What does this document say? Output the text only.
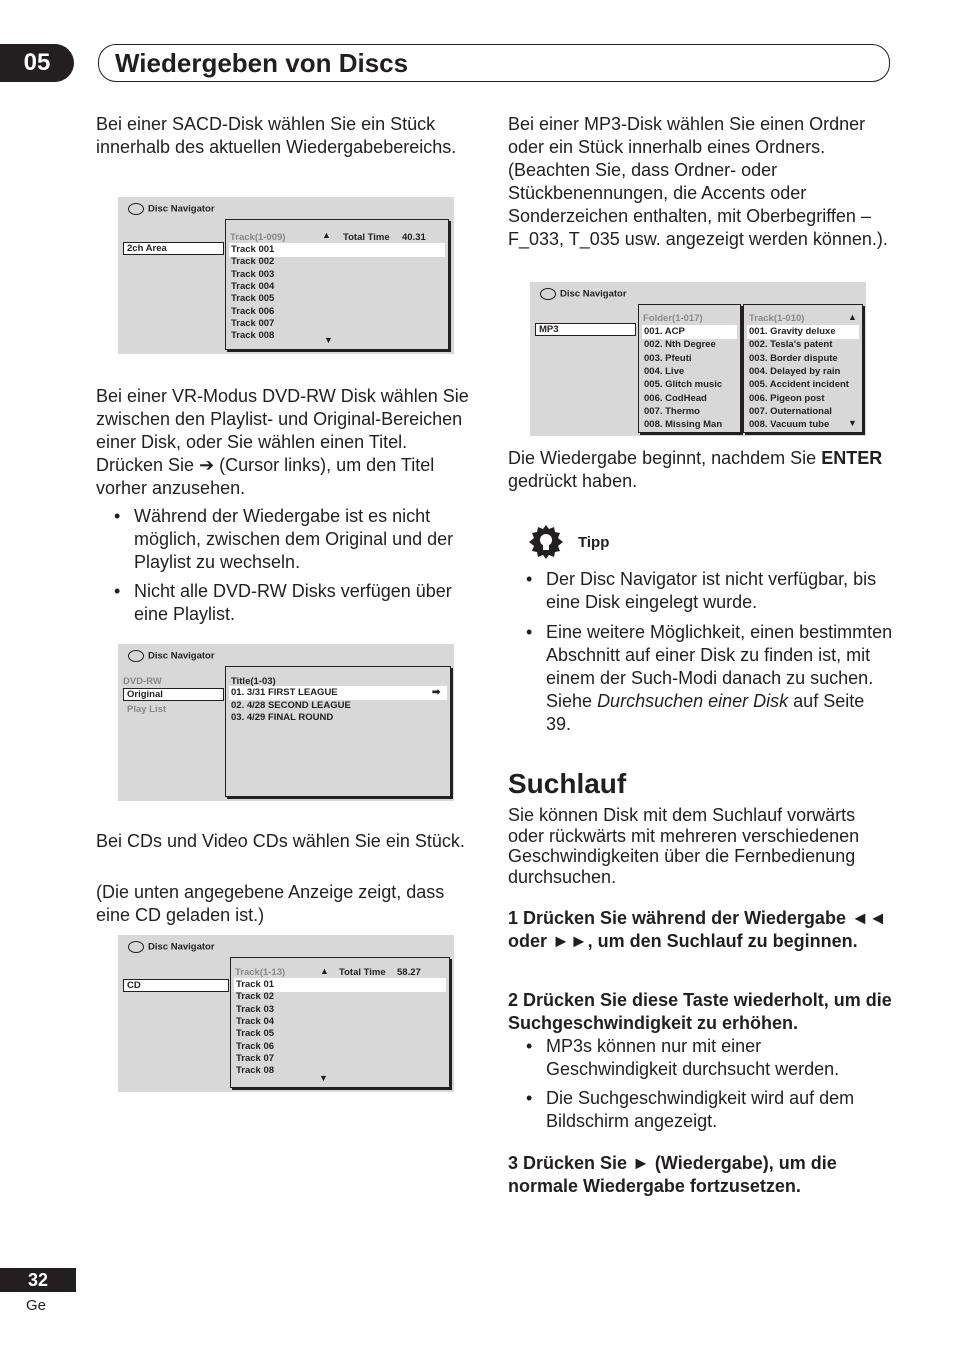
05	Wiedergeben von Discs
Bei einer SACD-Disk wählen Sie ein Stück innerhalb des aktuellen Wiedergabebereichs.
Disc Navigator
2ch Area
Track(1-009)	▲ Total Time 40.31
Track 001
Track 002
Track 003
Track 004
Track 005
Track 006
Track 007
Track 008	▼
Bei einer VR-Modus DVD-RW Disk wählen Sie zwischen den Playlist- und Original-Bereichen einer Disk, oder Sie wählen einen Titel. Drücken Sie ➔ (Cursor links), um den Titel vorher anzusehen.
• Während der Wiedergabe ist es nicht möglich, zwischen dem Original und der Playlist zu wechseln.
• Nicht alle DVD-RW Disks verfügen über eine Playlist.
Disc Navigator
DVD-RW
Original
Play List
Title(1-03)
01. 3/31 FIRST LEAGUE
02. 4/28 SECOND LEAGUE
03. 4/29 FINAL ROUND
➡
Bei CDs und Video CDs wählen Sie ein Stück.
(Die unten angegebene Anzeige zeigt, dass eine CD geladen ist.)
Disc Navigator
CD
Track(1-13)	▲ Total Time 58.27
Track 01
Track 02
Track 03
Track 04
Track 05
Track 06
Track 07
Track 08
▼
Bei einer MP3-Disk wählen Sie einen Ordner oder ein Stück innerhalb eines Ordners. (Beachten Sie, dass Ordner- oder Stückbenennungen, die Accents oder Sonderzeichen enthalten, mit Oberbegriffen – F_033, T_035 usw. angezeigt werden können.).
Disc Navigator
MP3
Folder(1-017)
001. ACP
002. Nth Degree
003. Pfeuti
004. Live
005. Glitch music
006. CodHead
007. Thermo
008. Missing Man
Track(1-010)	▲
001. Gravity deluxe
002. Tesla's patent
003. Border dispute
004. Delayed by rain
005. Accident incident
006. Pigeon post
007. Outernational
008. Vacuum tube	▼
Die Wiedergabe beginnt, nachdem Sie ENTER gedrückt haben.
Tipp
• Der Disc Navigator ist nicht verfügbar, bis eine Disk eingelegt wurde.
• Eine weitere Möglichkeit, einen bestimmten Abschnitt auf einer Disk zu finden ist, mit einem der Such-Modi danach zu suchen. Siehe Durchsuchen einer Disk auf Seite 39.
Suchlauf
Sie können Disk mit dem Suchlauf vorwärts oder rückwärts mit mehreren verschiedenen Geschwindigkeiten über die Fernbedienung durchsuchen.
1 Drücken Sie während der Wiedergabe ◄◄ oder ►►, um den Suchlauf zu beginnen.
2 Drücken Sie diese Taste wiederholt, um die Suchgeschwindigkeit zu erhöhen.
• MP3s können nur mit einer Geschwindigkeit durchsucht werden.
• Die Suchgeschwindigkeit wird auf dem Bildschirm angezeigt.
3 Drücken Sie ► (Wiedergabe), um die normale Wiedergabe fortzusetzen.
32
Ge
